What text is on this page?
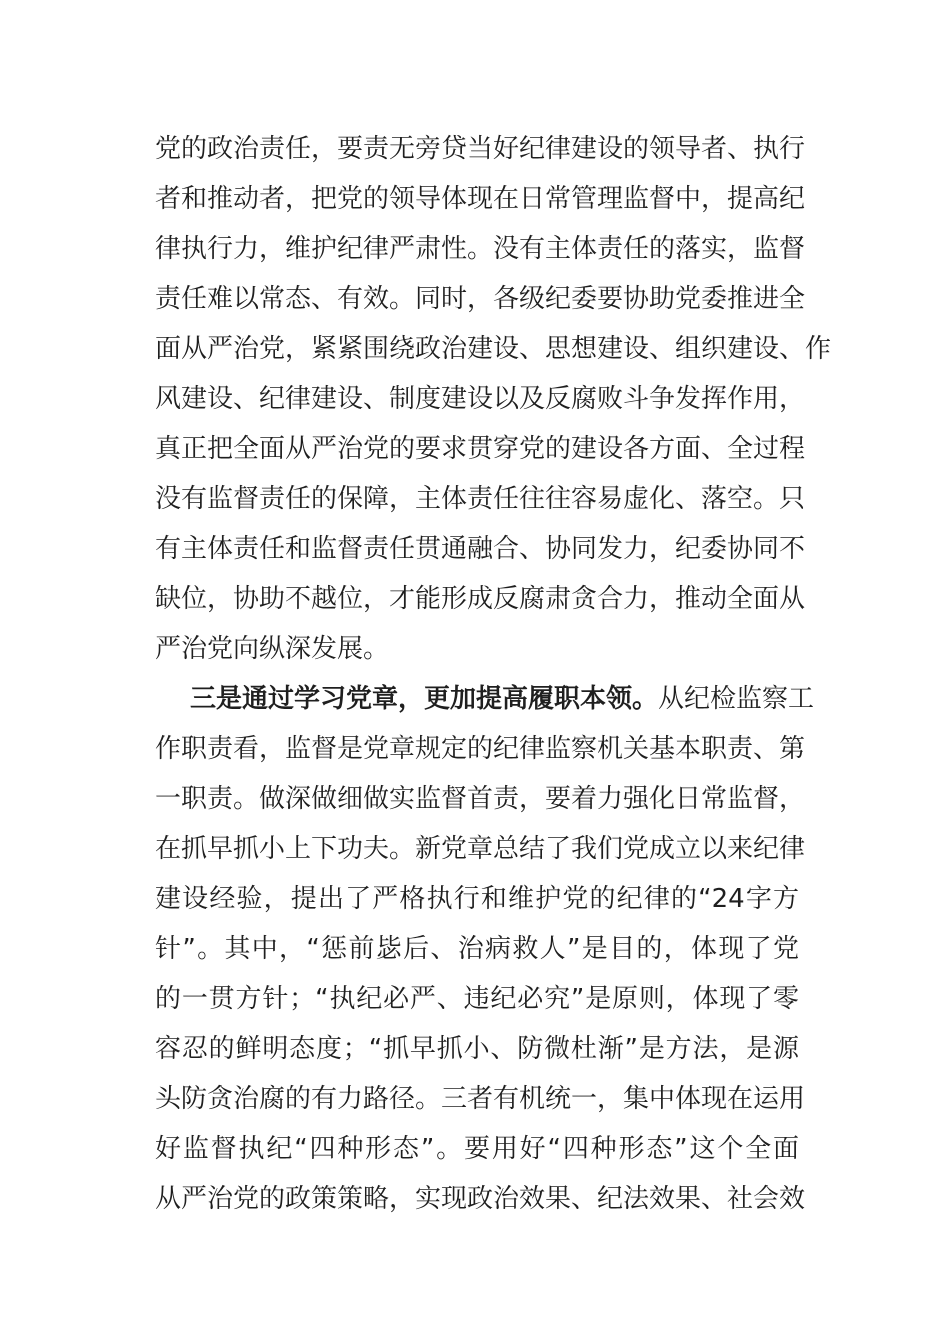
党的政治责任，要责无旁贷当好纪律建设的领导者、执行
者和推动者，把党的领导体现在日常管理监督中，提高纪
律执行力，维护纪律严肃性。没有主体责任的落实，监督
责任难以常态、有效。同时，各级纪委要协助党委推进全
面从严治党，紧紧围绕政治建设、思想建设、组织建设、作
风建设、纪律建设、制度建设以及反腐败斗争发挥作用，
真正把全面从严治党的要求贯穿党的建设各方面、全过程
没有监督责任的保障，主体责任往往容易虚化、落空。只
有主体责任和监督责任贯通融合、协同发力，纪委协同不
缺位，协助不越位，才能形成反腐肃贪合力，推动全面从
严治党向纵深发展。
三是通过学习党章，更加提高履职本领。从纪检监察工
作职责看，监督是党章规定的纪律监察机关基本职责、第
一职责。做深做细做实监督首责，要着力强化日常监督，
在抓早抓小上下功夫。新党章总结了我们党成立以来纪律
建设经验，提出了严格执行和维护党的纪律的“24字方
针”。其中，“惩前毖后、治病救人”是目的，体现了党
的一贯方针；“执纪必严、违纪必究”是原则，体现了零
容忍的鲜明态度；“抓早抓小、防微杜渐”是方法，是源
头防贪治腐的有力路径。三者有机统一，集中体现在运用
好监督执纪“四种形态”。要用好“四种形态”这个全面
从严治党的政策策略，实现政治效果、纪法效果、社会效
